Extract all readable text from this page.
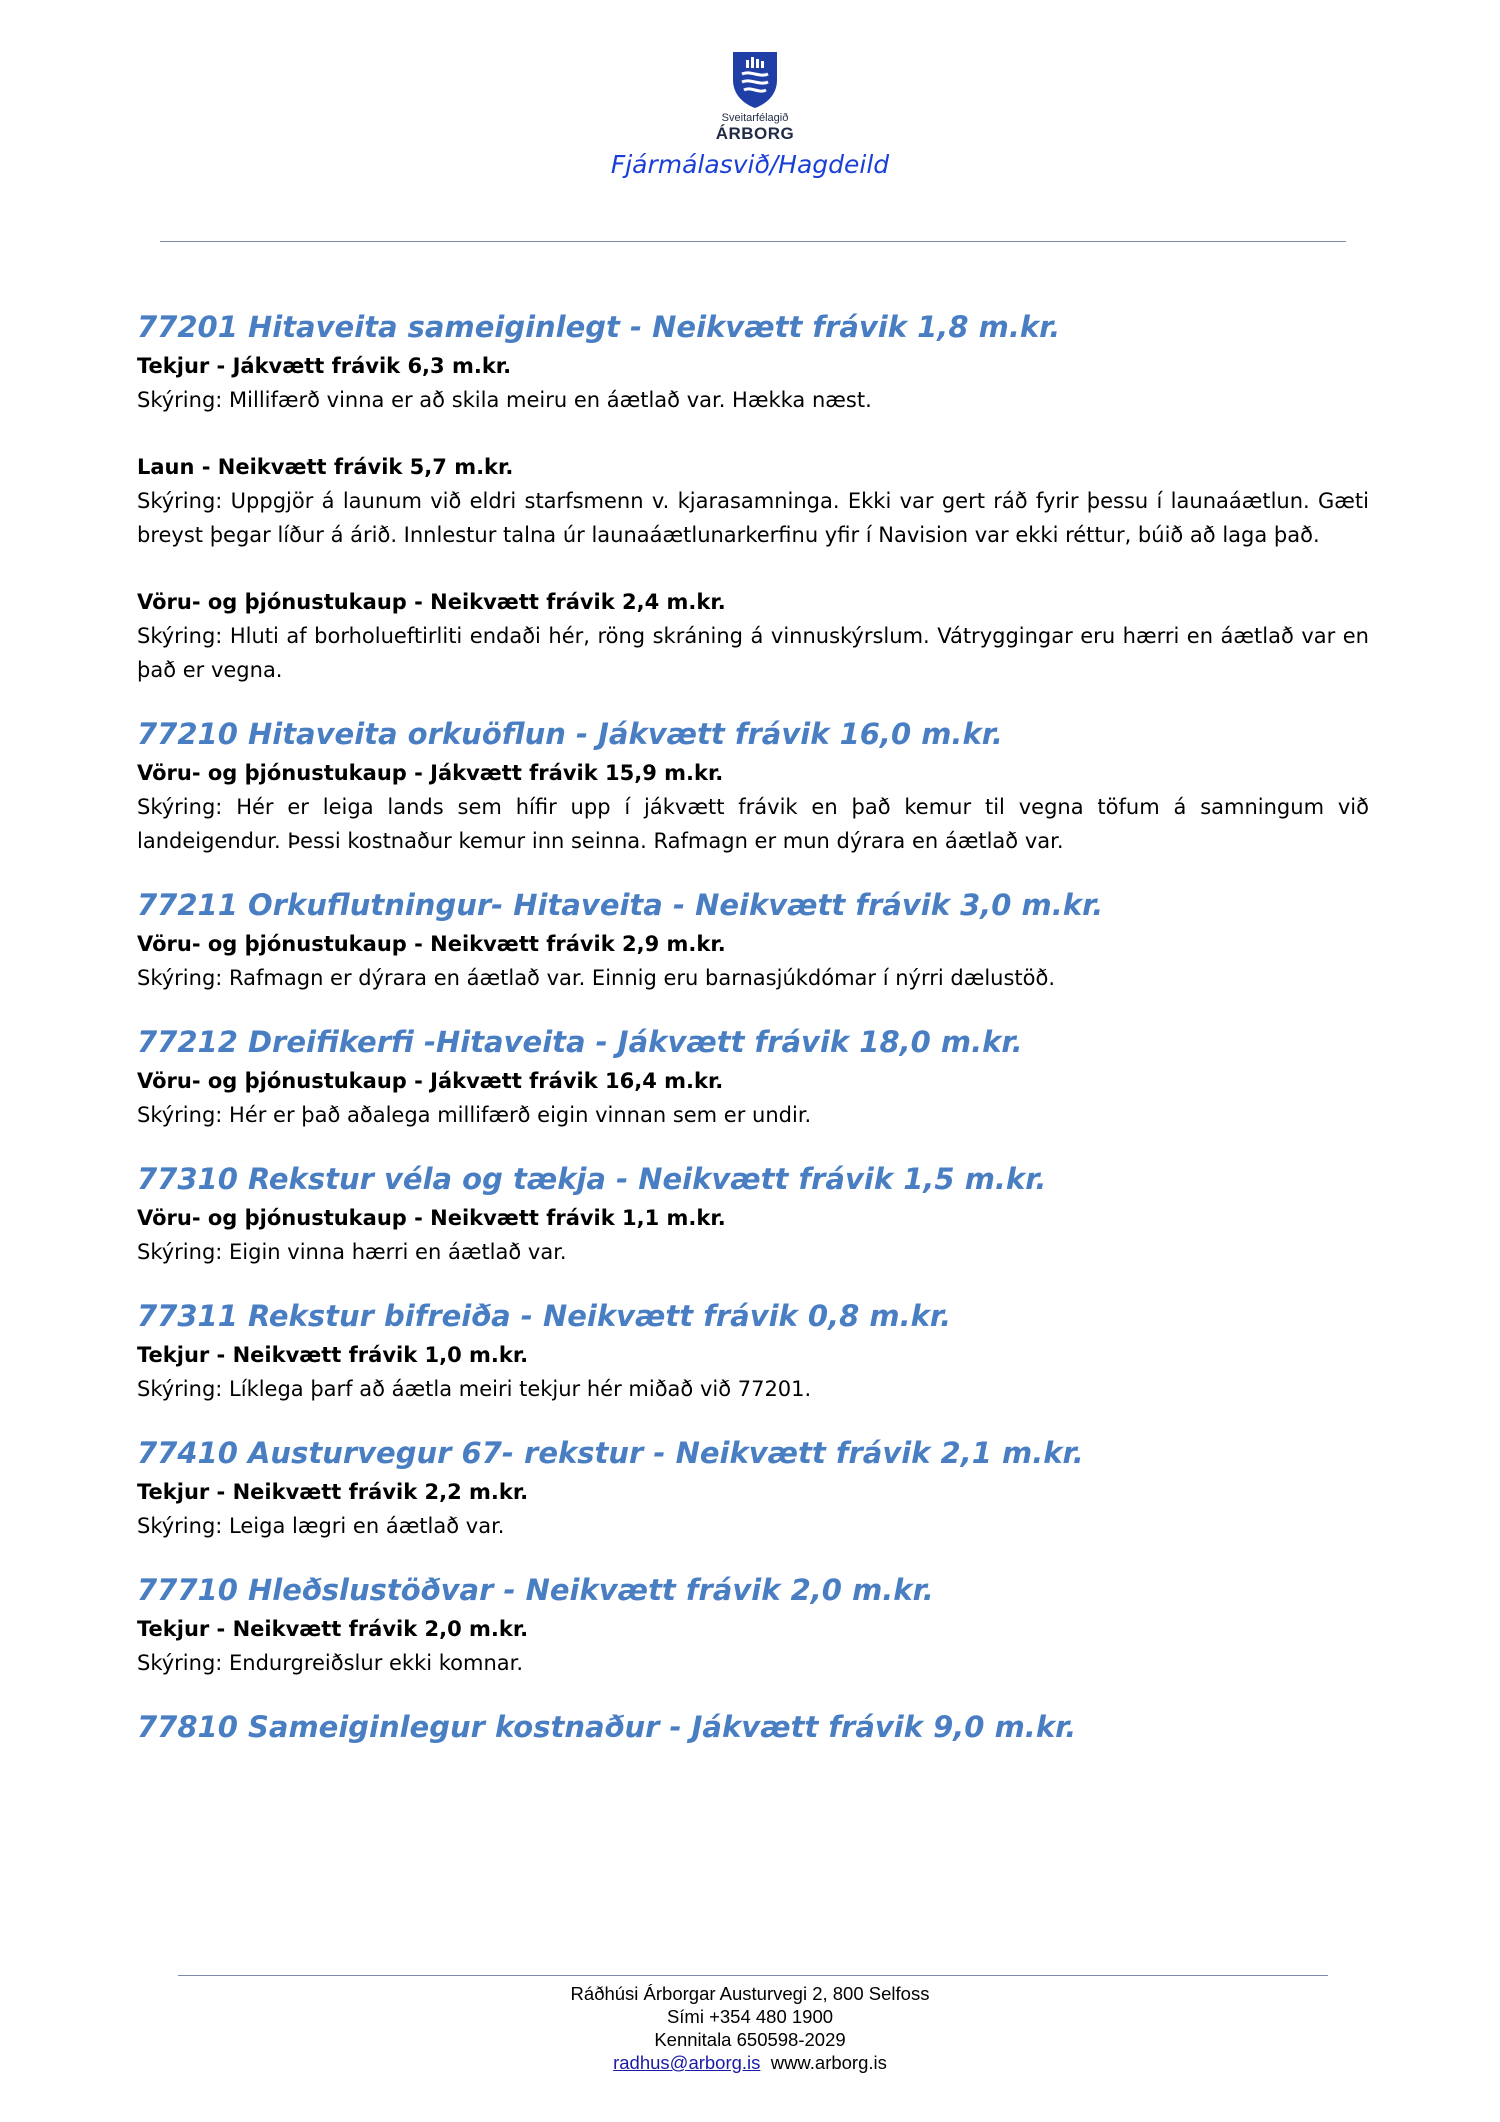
Sveitarfélagið
ÁRBORG
Fjármálasvið/Hagdeild
77201 Hitaveita sameiginlegt - Neikvætt frávik 1,8 m.kr.

Tekjur - Jákvætt frávik 6,3 m.kr.

Skýring: Millifærð vinna er að skila meiru en áætlað var. Hækka næst.

Laun - Neikvætt frávik 5,7 m.kr.

Skýring: Uppgjör á launum við eldri starfsmenn v. kjarasamninga. Ekki var gert ráð fyrir þessu í launaáætlun. Gæti breyst þegar líður á árið. Innlestur talna úr launaáætlunarkerfinu yfir í Navision var ekki réttur, búið að laga það.

Vöru- og þjónustukaup - Neikvætt frávik 2,4 m.kr.

Skýring: Hluti af borholueftirliti endaði hér, röng skráning á vinnuskýrslum. Vátryggingar eru hærri en áætlað var en það er vegna.

77210 Hitaveita orkuöflun - Jákvætt frávik 16,0 m.kr.

Vöru- og þjónustukaup - Jákvætt frávik 15,9 m.kr.

Skýring: Hér er leiga lands sem hífir upp í jákvætt frávik en það kemur til vegna töfum á samningum við landeigendur. Þessi kostnaður kemur inn seinna. Rafmagn er mun dýrara en áætlað var.

77211 Orkuflutningur- Hitaveita - Neikvætt frávik 3,0 m.kr.

Vöru- og þjónustukaup - Neikvætt frávik 2,9 m.kr.

Skýring: Rafmagn er dýrara en áætlað var. Einnig eru barnasjúkdómar í nýrri dælustöð.

77212 Dreifikerfi -Hitaveita - Jákvætt frávik 18,0 m.kr.

Vöru- og þjónustukaup - Jákvætt frávik 16,4 m.kr.

Skýring: Hér er það aðalega millifærð eigin vinnan sem er undir.

77310 Rekstur véla og tækja - Neikvætt frávik 1,5 m.kr.

Vöru- og þjónustukaup - Neikvætt frávik 1,1 m.kr.

Skýring: Eigin vinna hærri en áætlað var.

77311 Rekstur bifreiða - Neikvætt frávik 0,8 m.kr.

Tekjur - Neikvætt frávik 1,0 m.kr.

Skýring: Líklega þarf að áætla meiri tekjur hér miðað við 77201.

77410 Austurvegur 67- rekstur - Neikvætt frávik 2,1 m.kr.

Tekjur - Neikvætt frávik 2,2 m.kr.

Skýring: Leiga lægri en áætlað var.

77710 Hleðslustöðvar - Neikvætt frávik 2,0 m.kr.

Tekjur - Neikvætt frávik 2,0 m.kr.

Skýring: Endurgreiðslur ekki komnar.

77810 Sameiginlegur kostnaður - Jákvætt frávik 9,0 m.kr.
Ráðhúsi Árborgar Austurvegi 2, 800 Selfoss
Sími +354 480 1900
Kennitala 650598-2029
radhus@arborg.is www.arborg.is
